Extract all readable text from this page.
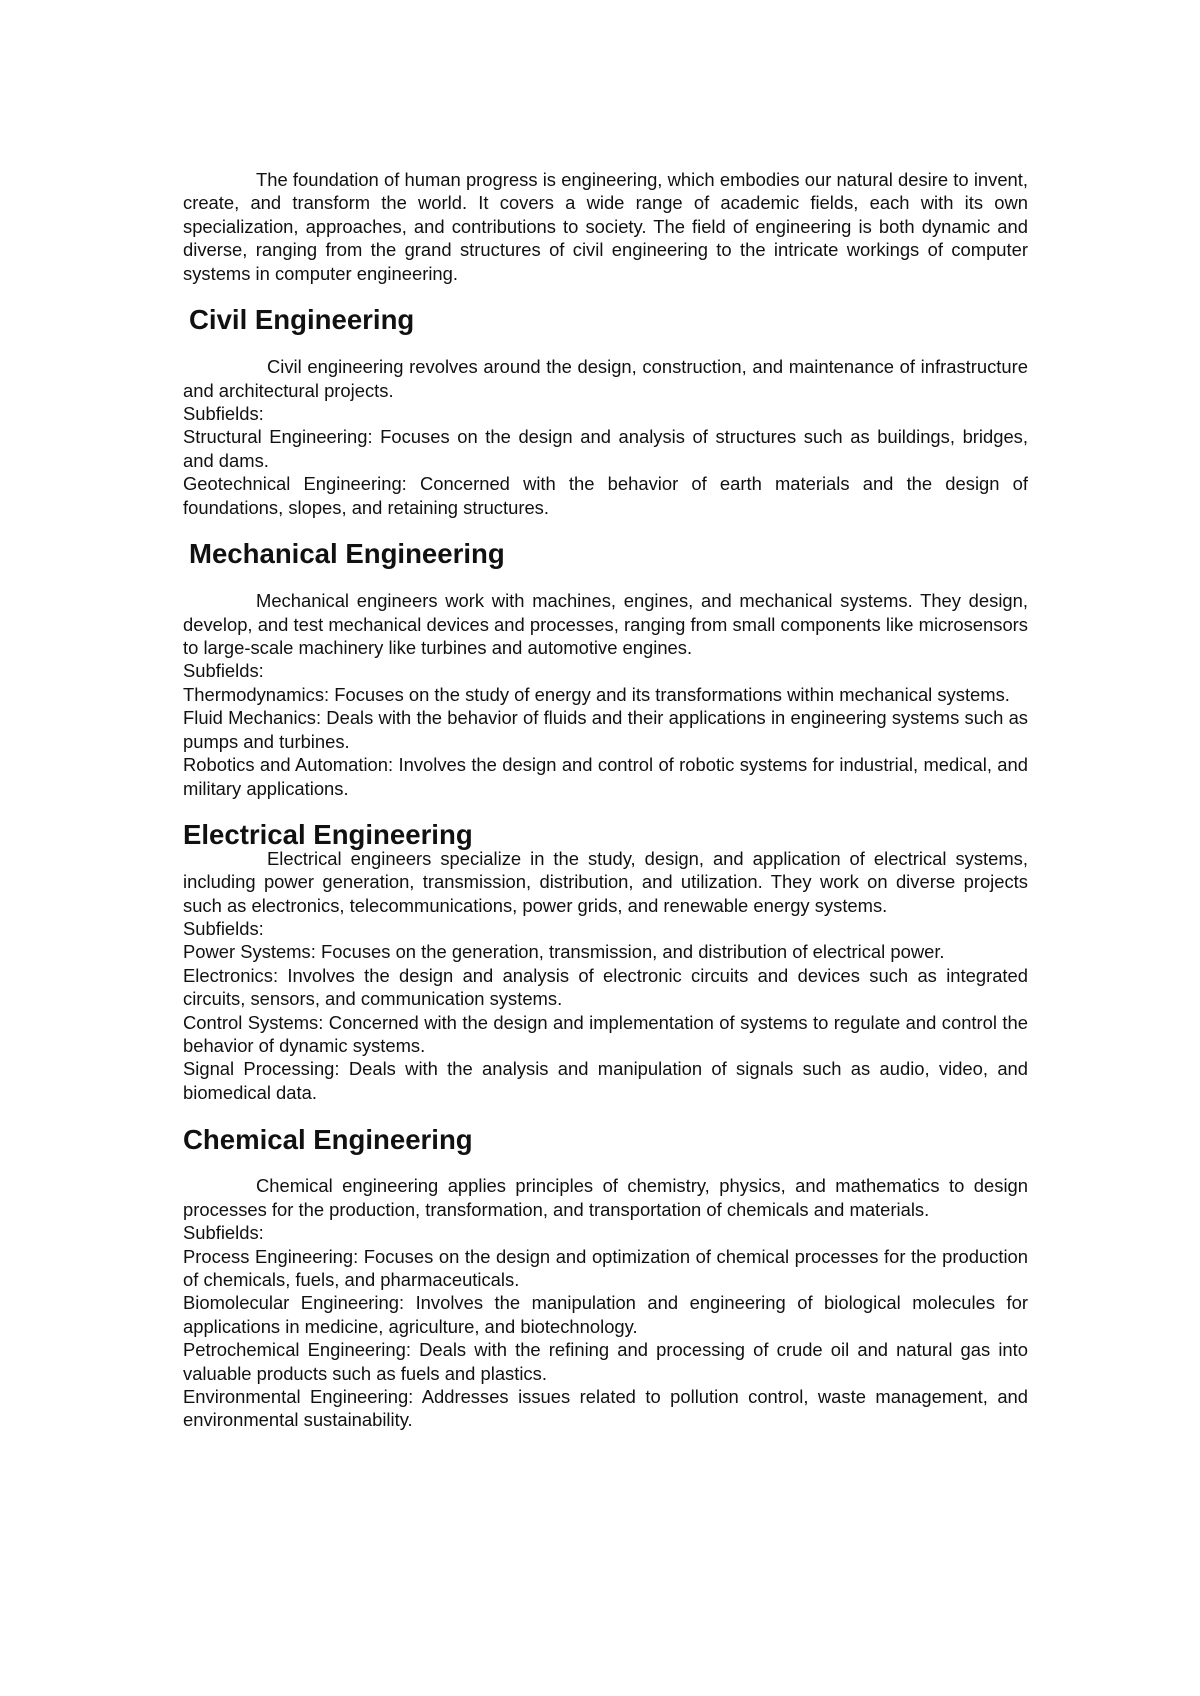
The foundation of human progress is engineering, which embodies our natural desire to invent, create, and transform the world. It covers a wide range of academic fields, each with its own specialization, approaches, and contributions to society. The field of engineering is both dynamic and diverse, ranging from the grand structures of civil engineering to the intricate workings of computer systems in computer engineering.

Civil Engineering

Civil engineering revolves around the design, construction, and maintenance of infrastructure and architectural projects.

Subfields:

Structural Engineering: Focuses on the design and analysis of structures such as buildings, bridges, and dams.

Geotechnical Engineering: Concerned with the behavior of earth materials and the design of foundations, slopes, and retaining structures.

Mechanical Engineering

Mechanical engineers work with machines, engines, and mechanical systems. They design, develop, and test mechanical devices and processes, ranging from small components like microsensors to large-scale machinery like turbines and automotive engines.

Subfields:

Thermodynamics: Focuses on the study of energy and its transformations within mechanical systems.

Fluid Mechanics: Deals with the behavior of fluids and their applications in engineering systems such as pumps and turbines.

Robotics and Automation: Involves the design and control of robotic systems for industrial, medical, and military applications.

Electrical Engineering

Electrical engineers specialize in the study, design, and application of electrical systems, including power generation, transmission, distribution, and utilization. They work on diverse projects such as electronics, telecommunications, power grids, and renewable energy systems.

Subfields:

Power Systems: Focuses on the generation, transmission, and distribution of electrical power.

Electronics: Involves the design and analysis of electronic circuits and devices such as integrated circuits, sensors, and communication systems.

Control Systems: Concerned with the design and implementation of systems to regulate and control the behavior of dynamic systems.

Signal Processing: Deals with the analysis and manipulation of signals such as audio, video, and biomedical data.

Chemical Engineering

Chemical engineering applies principles of chemistry, physics, and mathematics to design processes for the production, transformation, and transportation of chemicals and materials.

Subfields:

Process Engineering: Focuses on the design and optimization of chemical processes for the production of chemicals, fuels, and pharmaceuticals.

Biomolecular Engineering: Involves the manipulation and engineering of biological molecules for applications in medicine, agriculture, and biotechnology.

Petrochemical Engineering: Deals with the refining and processing of crude oil and natural gas into valuable products such as fuels and plastics.

Environmental Engineering: Addresses issues related to pollution control, waste management, and environmental sustainability.
